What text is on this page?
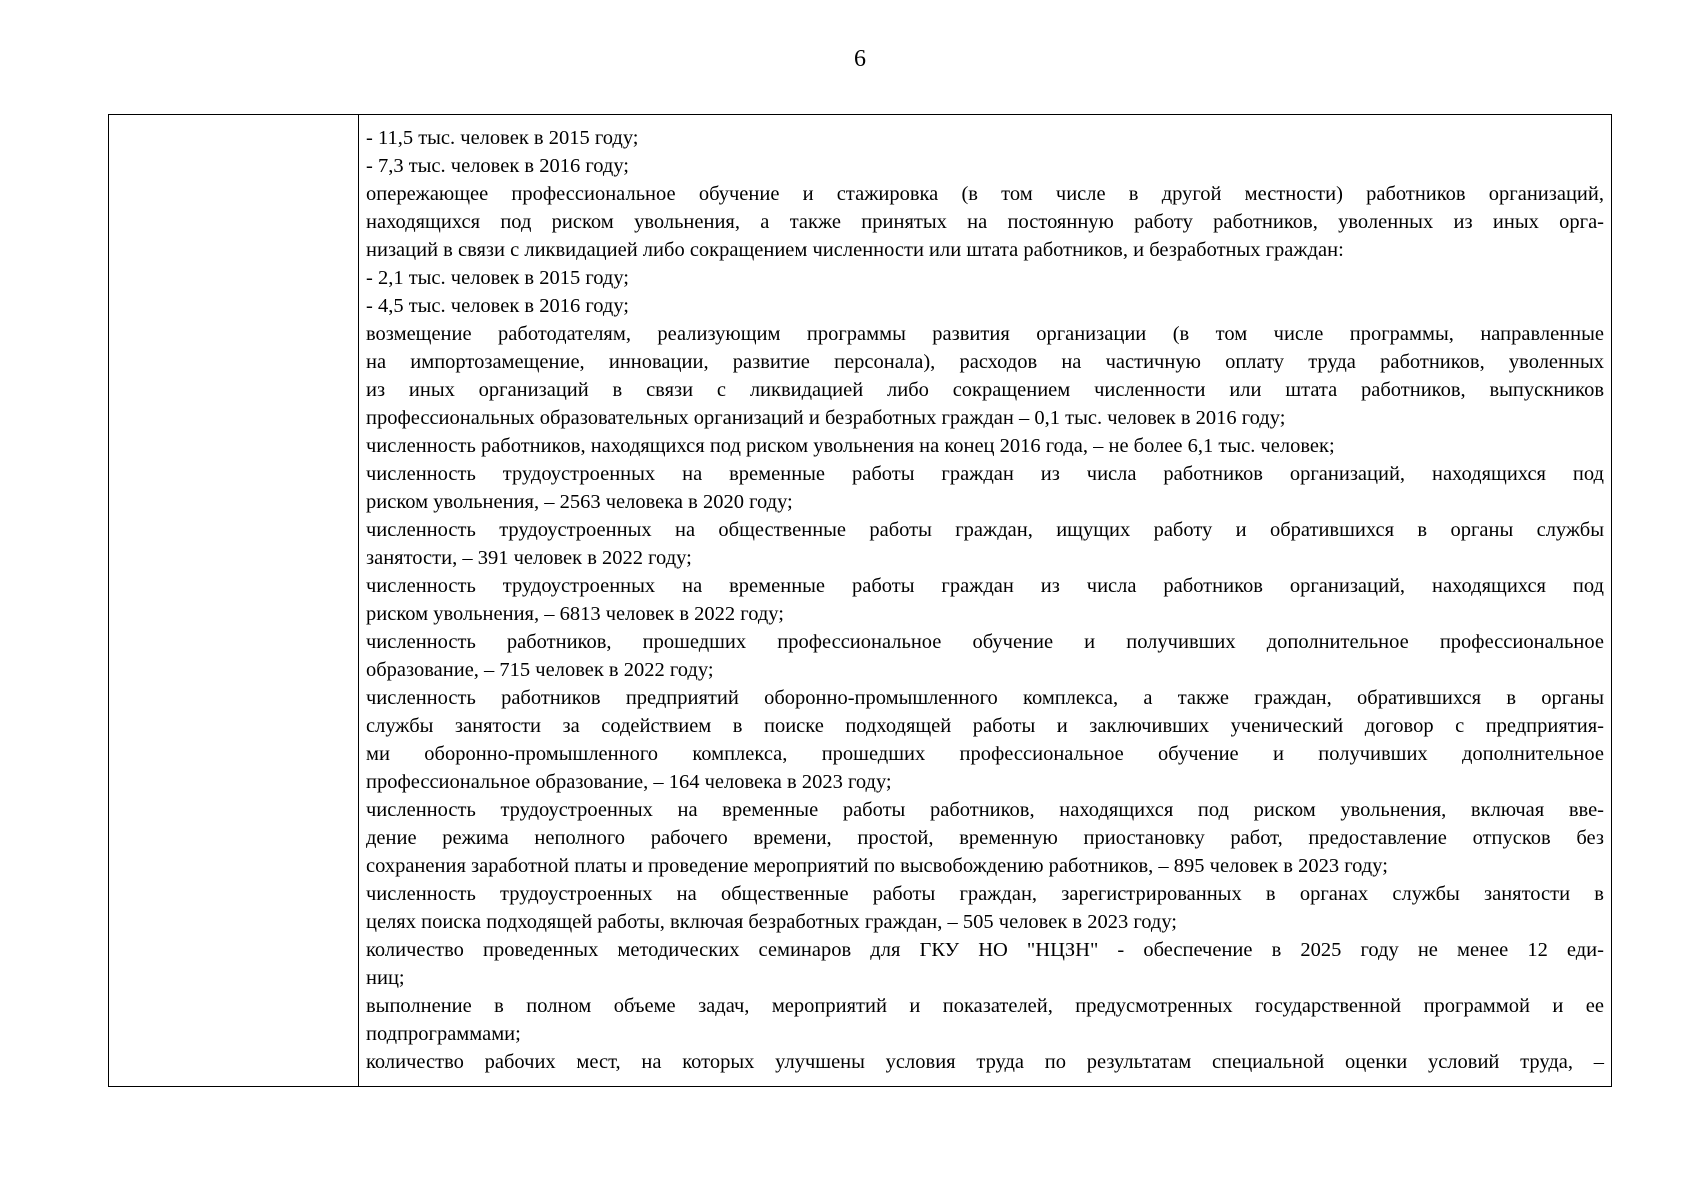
6
- 11,5 тыс. человек в 2015 году;
- 7,3 тыс. человек в 2016 году;
опережающее профессиональное обучение и стажировка (в том числе в другой местности) работников организаций,
находящихся под риском увольнения, а также принятых на постоянную работу работников, уволенных из иных орга-
низаций в связи с ликвидацией либо сокращением численности или штата работников, и безработных граждан:
- 2,1 тыс. человек в 2015 году;
- 4,5 тыс. человек в 2016 году;
возмещение работодателям, реализующим программы развития организации (в том числе программы, направленные
на импортозамещение, инновации, развитие персонала), расходов на частичную оплату труда работников, уволенных
из иных организаций в связи с ликвидацией либо сокращением численности или штата работников, выпускников
профессиональных образовательных организаций и безработных граждан – 0,1 тыс. человек в 2016 году;
численность работников, находящихся под риском увольнения на конец 2016 года, – не более 6,1 тыс. человек;
численность трудоустроенных на временные работы граждан из числа работников организаций, находящихся под
риском увольнения, – 2563 человека в 2020 году;
численность трудоустроенных на общественные работы граждан, ищущих работу и обратившихся в органы службы
занятости, – 391 человек в 2022 году;
численность трудоустроенных на временные работы граждан из числа работников организаций, находящихся под
риском увольнения, – 6813 человек в 2022 году;
численность работников, прошедших профессиональное обучение и получивших дополнительное профессиональное
образование, – 715 человек в 2022 году;
численность работников предприятий оборонно-промышленного комплекса, а также граждан, обратившихся в органы
службы занятости за содействием в поиске подходящей работы и заключивших ученический договор с предприятия-
ми оборонно-промышленного комплекса, прошедших профессиональное обучение и получивших дополнительное
профессиональное образование, – 164 человека в 2023 году;
численность трудоустроенных на временные работы работников, находящихся под риском увольнения, включая вве-
дение режима неполного рабочего времени, простой, временную приостановку работ, предоставление отпусков без
сохранения заработной платы и проведение мероприятий по высвобождению работников, – 895 человек в 2023 году;
численность трудоустроенных на общественные работы граждан, зарегистрированных в органах службы занятости в
целях поиска подходящей работы, включая безработных граждан, – 505 человек в 2023 году;
количество проведенных методических семинаров для ГКУ НО "НЦЗН" - обеспечение в 2025 году не менее 12 еди-
ниц;
выполнение в полном объеме задач, мероприятий и показателей, предусмотренных государственной программой и ее
подпрограммами;
количество рабочих мест, на которых улучшены условия труда по результатам специальной оценки условий труда, –
